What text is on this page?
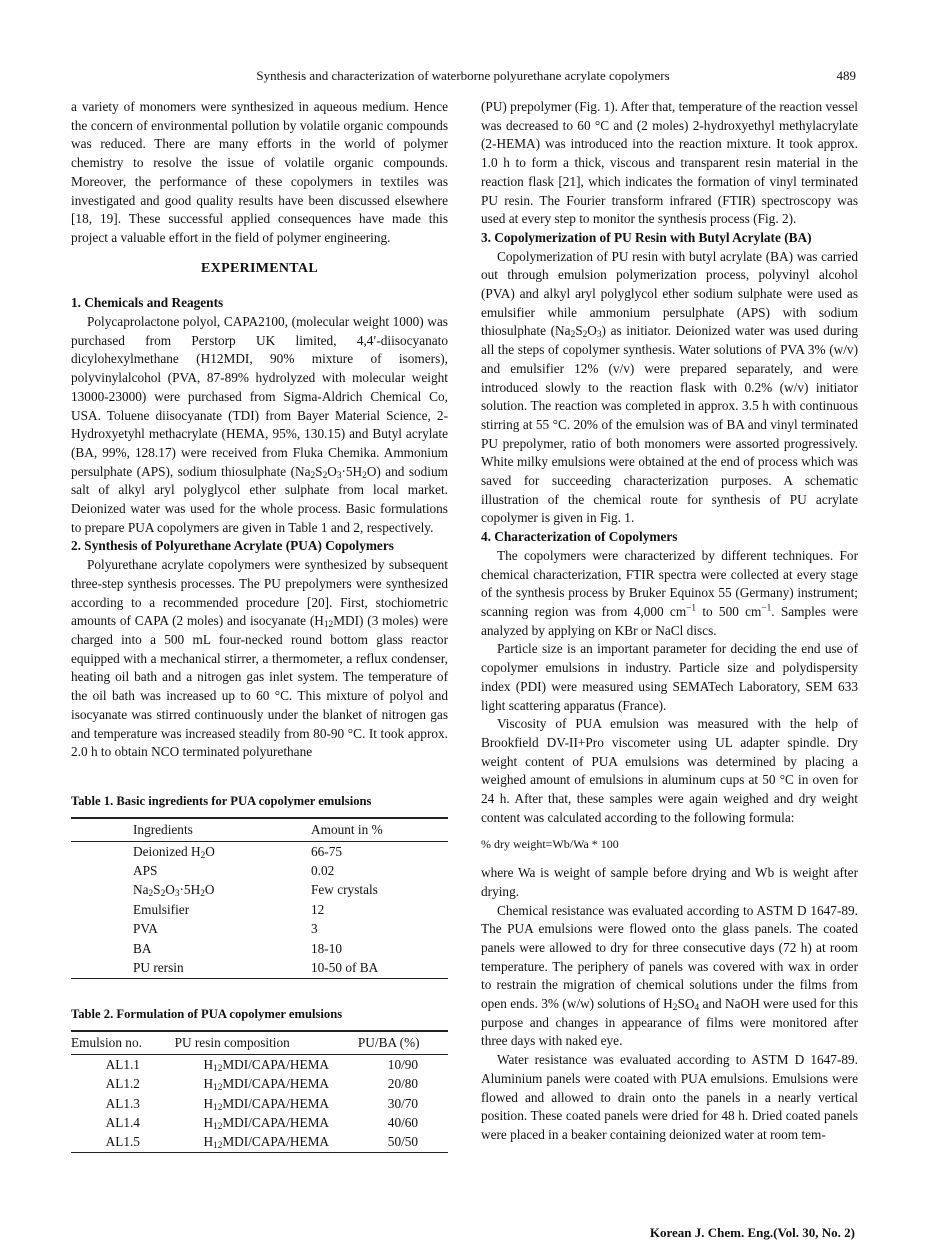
Synthesis and characterization of waterborne polyurethane acrylate copolymers	489

a variety of monomers were synthesized in aqueous medium. Hence the concern of environmental pollution by volatile organic compounds was reduced. There are many efforts in the world of polymer chemistry to resolve the issue of volatile organic compounds. Moreover, the performance of these copolymers in textiles was investigated and good quality results have been discussed elsewhere [18, 19]. These successful applied consequences have made this project a valuable effort in the field of polymer engineering.

EXPERIMENTAL
1. Chemicals and Reagents

Polycaprolactone polyol, CAPA2100, (molecular weight 1000) was purchased from Perstorp UK limited, 4,4′-diisocyanato dicylohexylmethane (H12MDI, 90% mixture of isomers), polyvinylalcohol (PVA, 87-89% hydrolyzed with molecular weight 13000-23000) were purchased from Sigma-Aldrich Chemical Co, USA. Toluene diisocyanate (TDI) from Bayer Material Science, 2-Hydroxyetyhl methacrylate (HEMA, 95%, 130.15) and Butyl acrylate (BA, 99%, 128.17) were received from Fluka Chemika. Ammonium persulphate (APS), sodium thiosulphate $(Na_2S_2O_3\cdot 5H_2O)$ and sodium salt of alkyl aryl polyglycol ether sulphate from local market. Deionized water was used for the whole process. Basic formulations to prepare PUA copolymers are given in Table 1 and 2, respectively.

2. Synthesis of Polyurethane Acrylate (PUA) Copolymers

Polyurethane acrylate copolymers were synthesized by subsequent three-step synthesis processes. The PU prepolymers were synthesized according to a recommended procedure [20]. First, stochiometric amounts of CAPA (2 moles) and isocyanate $(H_{12}MDI)$ (3 moles) were charged into a 500 mL four-necked round bottom glass reactor equipped with a mechanical stirrer, a thermometer, a reflux condenser, heating oil bath and a nitrogen gas inlet system. The temperature of the oil bath was increased up to 60 °C. This mixture of polyol and isocyanate was stirred continuously under the blanket of nitrogen gas and temperature was increased steadily from 80-90 °C. It took approx. 2.0 h to obtain NCO terminated polyurethane

Table 1. Basic ingredients for PUA copolymer emulsions
Ingredients	Amount in %
Deionized $H_2O$	66-75
APS	0.02
$Na_2S_2O_3\cdot 5H_2O$	Few crystals
Emulsifier	12
PVA	3
BA	18-10
PU rersin	10-50 of BA
Table 2. Formulation of PUA copolymer emulsions
Emulsion no.	PU resin composition	PU/BA (%)
AL1.1	$H_{12}MDI/CAPA$/HEMA	10/90
AL1.2	$H_{12}MDI/CAPA$/HEMA	20/80
AL1.3	$H_{12}MDI/CAPA$/HEMA	30/70
AL1.4	$H_{12}MDI/CAPA$/HEMA	40/60
AL1.5	$H_{12}MDI/CAPA$/HEMA	50/50

(PU) prepolymer (Fig. 1). After that, temperature of the reaction vessel was decreased to 60 °C and (2 moles) 2-hydroxyethyl methylacrylate (2-HEMA) was introduced into the reaction mixture. It took approx. 1.0 h to form a thick, viscous and transparent resin material in the reaction flask [21], which indicates the formation of vinyl terminated PU resin. The Fourier transform infrared (FTIR) spectroscopy was used at every step to monitor the synthesis process (Fig. 2).

3. Copolymerization of PU Resin with Butyl Acrylate (BA)

Copolymerization of PU resin with butyl acrylate (BA) was carried out through emulsion polymerization process, polyvinyl alcohol (PVA) and alkyl aryl polyglycol ether sodium sulphate were used as emulsifier while ammonium persulphate (APS) with sodium thiosulphate $(Na_2S_2O_3)$ as initiator. Deionized water was used during all the steps of copolymer synthesis. Water solutions of PVA 3% (w/v) and emulsifier 12% (v/v) were prepared separately, and were introduced slowly to the reaction flask with 0.2% (w/v) initiator solution. The reaction was completed in approx. 3.5 h with continuous stirring at 55 °C. 20% of the emulsion was of BA and vinyl terminated PU prepolymer, ratio of both monomers were assorted progressively. White milky emulsions were obtained at the end of process which was saved for succeeding characterization purposes. A schematic illustration of the chemical route for synthesis of PU acrylate copolymer is given in Fig. 1.

4. Characterization of Copolymers

The copolymers were characterized by different techniques. For chemical characterization, FTIR spectra were collected at every stage of the synthesis process by Bruker Equinox 55 (Germany) instrument; scanning region was from 4,000 $cm^{-1}$ to 500 $cm^{-1}$. Samples were analyzed by applying on KBr or NaCl discs.

Particle size is an important parameter for deciding the end use of copolymer emulsions in industry. Particle size and polydispersity index (PDI) were measured using SEMATech Laboratory, SEM 633 light scattering apparatus (France).

Viscosity of PUA emulsion was measured with the help of Brookfield DV-II+Pro viscometer using UL adapter spindle. Dry weight content of PUA emulsions was determined by placing a weighed amount of emulsions in aluminum cups at 50 °C in oven for 24 h. After that, these samples were again weighed and dry weight content was calculated according to the following formula:

% dry weight=Wb/Wa * 100

where Wa is weight of sample before drying and Wb is weight after drying.

Chemical resistance was evaluated according to ASTM D 1647-89. The PUA emulsions were flowed onto the glass panels. The coated panels were allowed to dry for three consecutive days (72 h) at room temperature. The periphery of panels was covered with wax in order to restrain the migration of chemical solutions under the films from open ends. 3% (w/w) solutions of $H_2SO_4$ and NaOH were used for this purpose and changes in appearance of films were monitored after three days with naked eye.

Water resistance was evaluated according to ASTM D 1647-89. Aluminium panels were coated with PUA emulsions. Emulsions were flowed and allowed to drain onto the panels in a nearly vertical position. These coated panels were dried for 48 h. Dried coated panels were placed in a beaker containing deionized water at room tem-

Korean J. Chem. Eng.(Vol. 30, No. 2)
